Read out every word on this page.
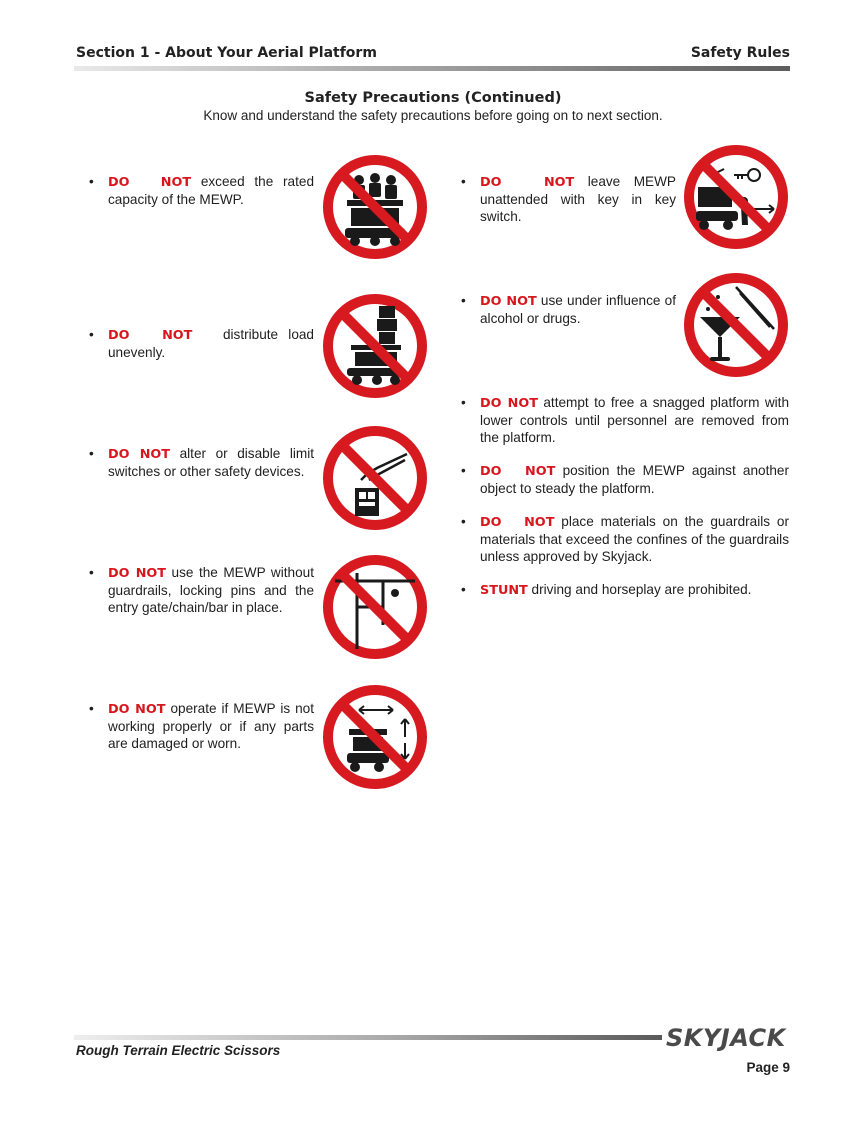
Section 1 - About Your Aerial Platform	Safety Rules
Safety Precautions (Continued)
Know and understand the safety precautions before going on to next section.
• DO   NOT exceed the rated capacity of the MEWP.
• DO   NOT   distribute load unevenly.
• DO NOT alter or disable limit switches or other safety devices.
• DO NOT use the MEWP without guardrails, locking pins and the entry gate/chain/bar in place.
• DO NOT operate if MEWP is not working properly or if any parts are damaged or worn.
• DO   NOT leave MEWP unattended with key in key switch.
• DO NOT use under influence of alcohol or drugs.
• DO NOT attempt to free a snagged platform with lower controls until personnel are removed from the platform.
• DO   NOT position the MEWP against another object to steady the platform.
• DO   NOT place materials on the guardrails or materials that exceed the confines of the guardrails unless approved by Skyjack.
• STUNT driving and horseplay are prohibited.
SKYJACK
Rough Terrain Electric Scissors
Page 9
